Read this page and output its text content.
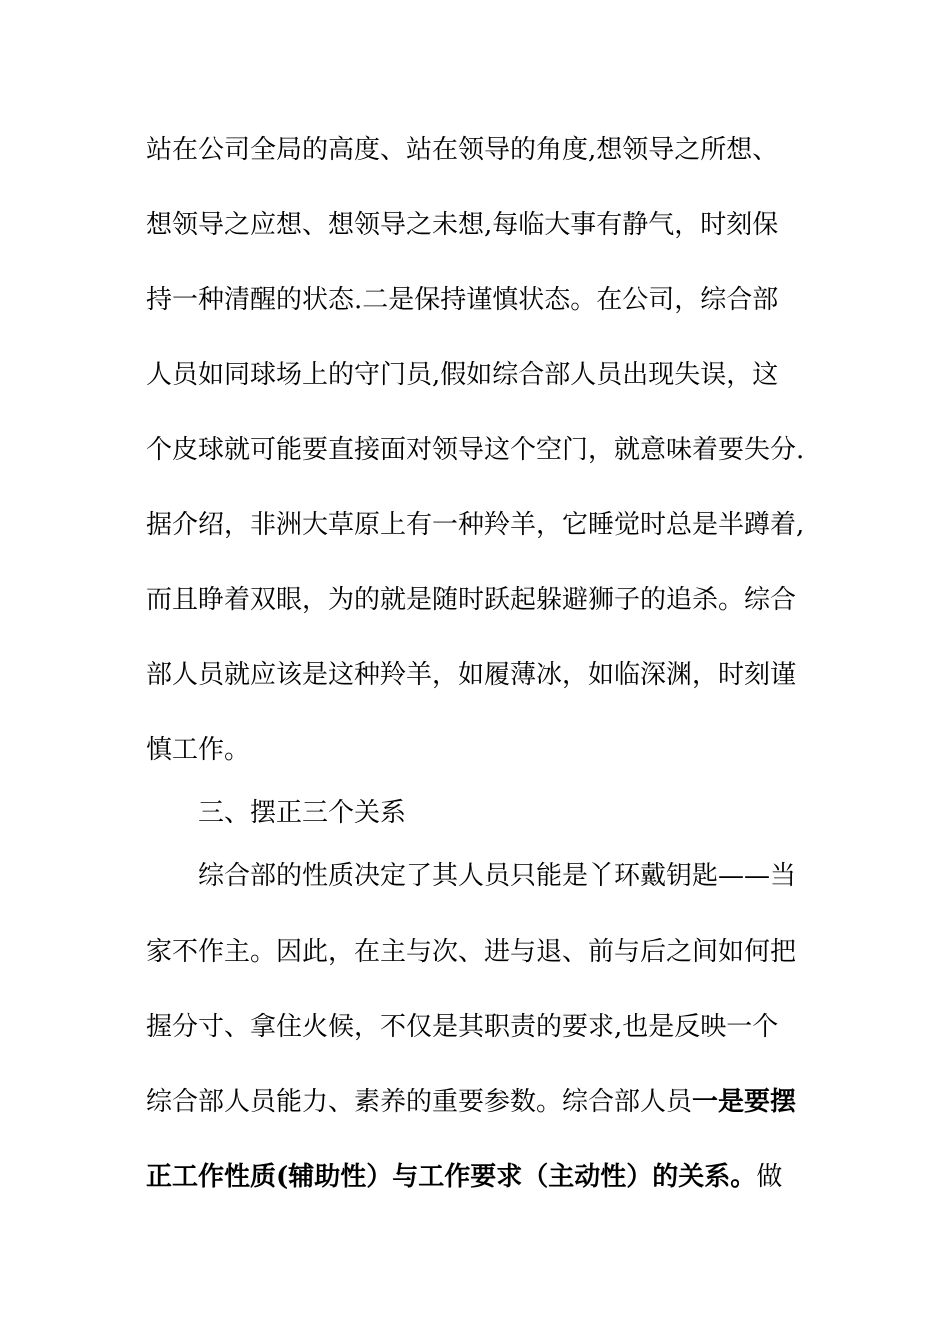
站在公司全局的高度、站在领导的角度,想领导之所想、
想领导之应想、想领导之未想,每临大事有静气，时刻保
持一种清醒的状态.二是保持谨慎状态。在公司，综合部
人员如同球场上的守门员,假如综合部人员出现失误，这
个皮球就可能要直接面对领导这个空门，就意味着要失分.
据介绍，非洲大草原上有一种羚羊，它睡觉时总是半蹲着,
而且睁着双眼，为的就是随时跃起躲避狮子的追杀。综合
部人员就应该是这种羚羊，如履薄冰，如临深渊，时刻谨
慎工作。
三、摆正三个关系
综合部的性质决定了其人员只能是丫环戴钥匙——当
家不作主。因此，在主与次、进与退、前与后之间如何把
握分寸、拿住火候，不仅是其职责的要求,也是反映一个
综合部人员能力、素养的重要参数。综合部人员一是要摆
正工作性质(辅助性）与工作要求（主动性）的关系。做
